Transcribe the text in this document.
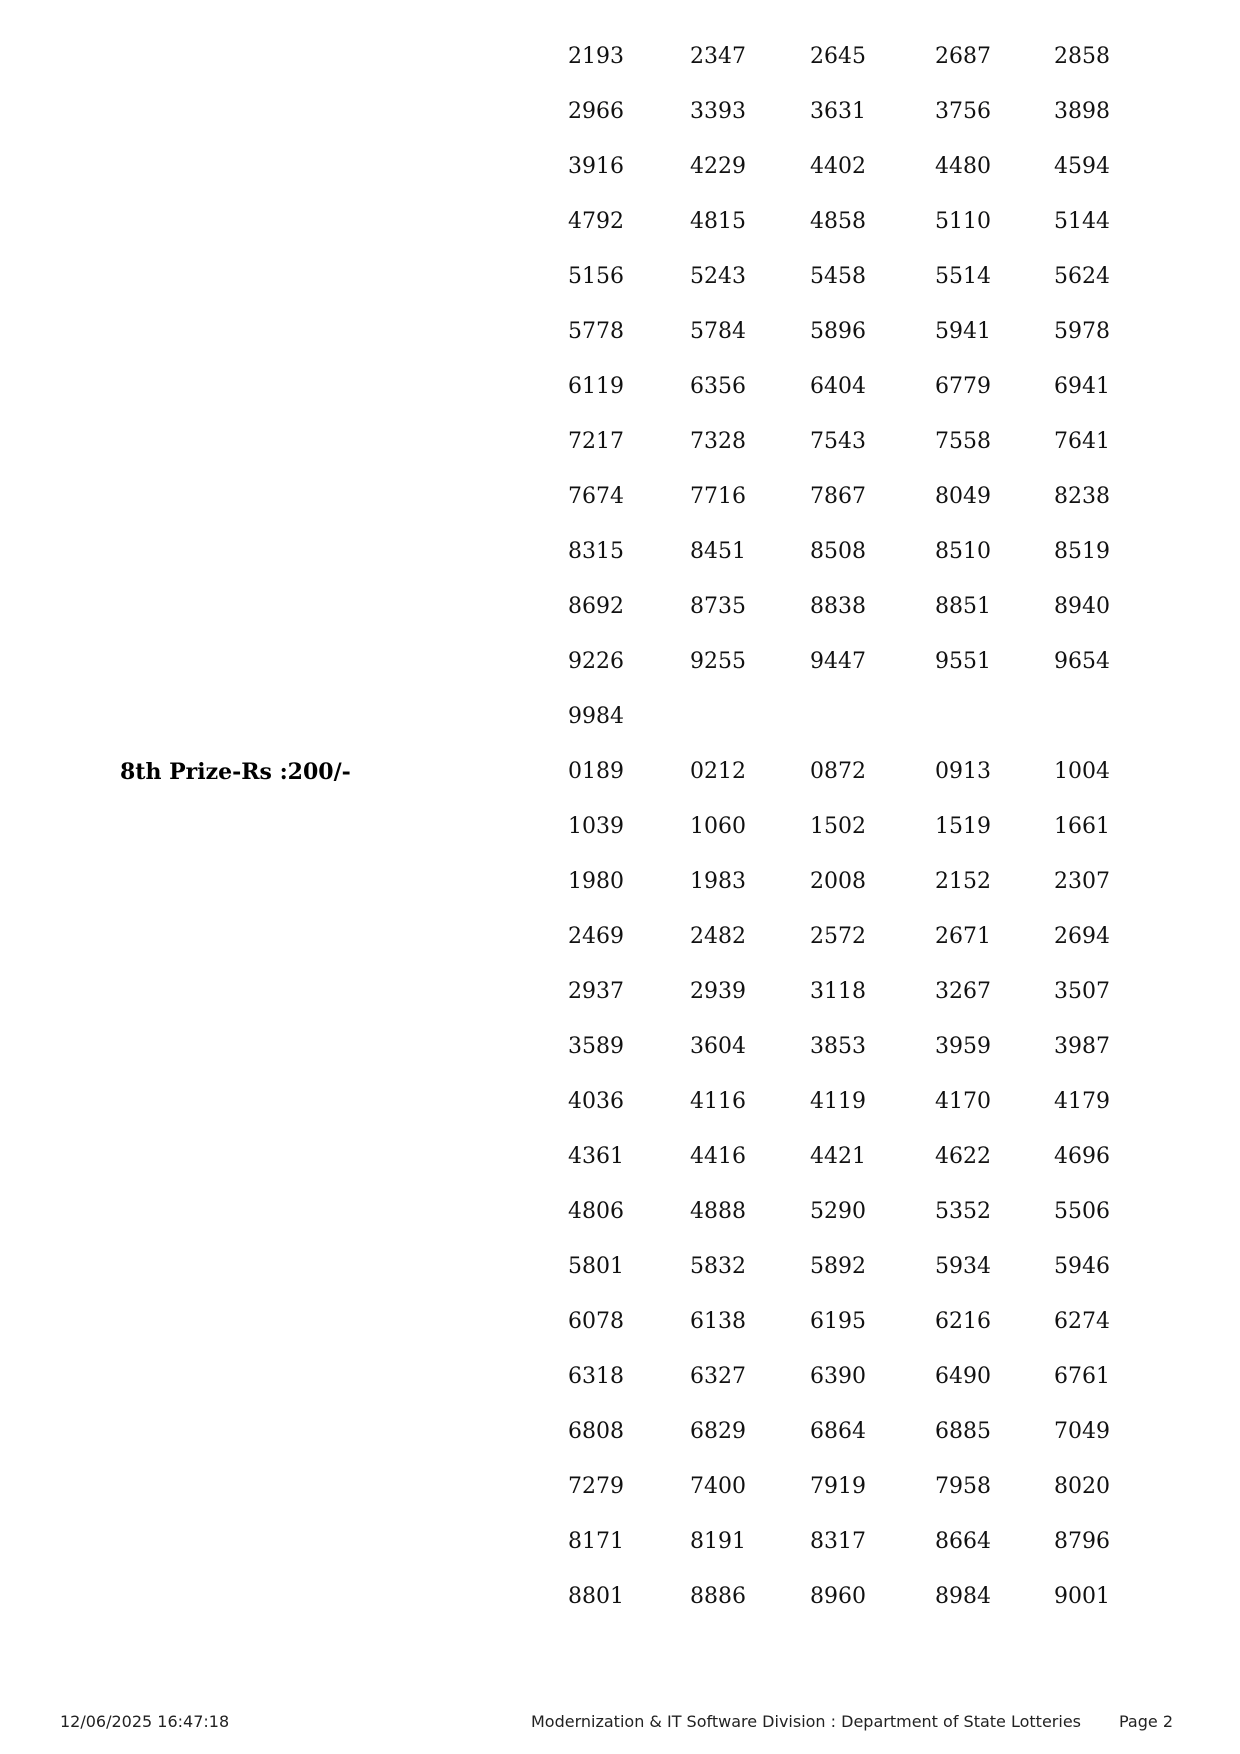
2193	2347	2645	2687	2858
2966	3393	3631	3756	3898
3916	4229	4402	4480	4594
4792	4815	4858	5110	5144
5156	5243	5458	5514	5624
5778	5784	5896	5941	5978
6119	6356	6404	6779	6941
7217	7328	7543	7558	7641
7674	7716	7867	8049	8238
8315	8451	8508	8510	8519
8692	8735	8838	8851	8940
9226	9255	9447	9551	9654
9984
8th Prize-Rs :200/-	0189	0212	0872	0913	1004
1039	1060	1502	1519	1661
1980	1983	2008	2152	2307
2469	2482	2572	2671	2694
2937	2939	3118	3267	3507
3589	3604	3853	3959	3987
4036	4116	4119	4170	4179
4361	4416	4421	4622	4696
4806	4888	5290	5352	5506
5801	5832	5892	5934	5946
6078	6138	6195	6216	6274
6318	6327	6390	6490	6761
6808	6829	6864	6885	7049
7279	7400	7919	7958	8020
8171	8191	8317	8664	8796
8801	8886	8960	8984	9001
12/06/2025 16:47:18	Modernization & IT Software Division : Department of State Lotteries Page 2
